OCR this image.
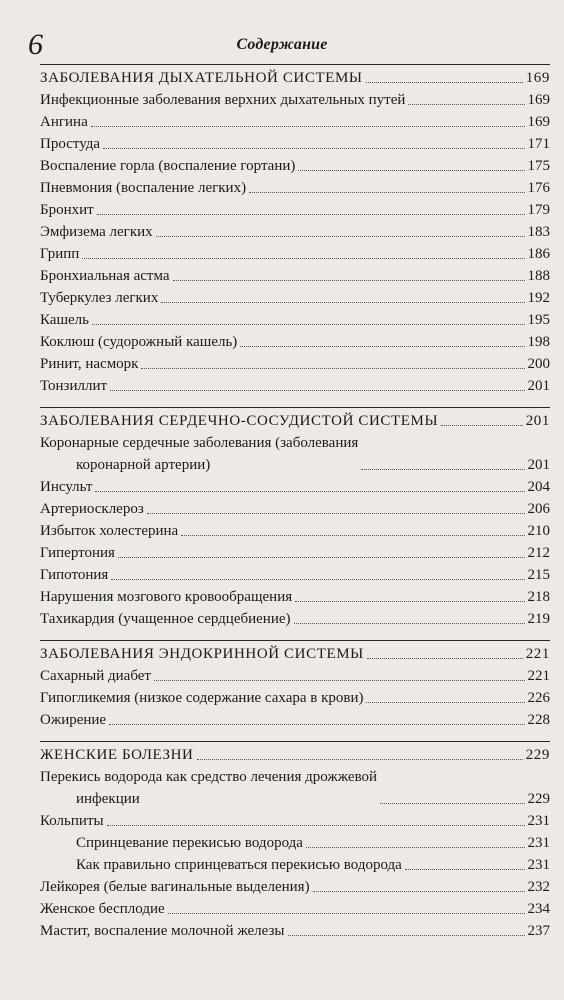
6	Содержание
ЗАБОЛЕВАНИЯ ДЫХАТЕЛЬНОЙ СИСТЕМЫ	169
Инфекционные заболевания верхних дыхательных путей	169
Ангина	169
Простуда	171
Воспаление горла (воспаление гортани)	175
Пневмония (воспаление легких)	176
Бронхит	179
Эмфизема легких	183
Грипп	186
Бронхиальная астма	188
Туберкулез легких	192
Кашель	195
Коклюш (судорожный кашель)	198
Ринит, насморк	200
Тонзиллит	201
ЗАБОЛЕВАНИЯ СЕРДЕЧНО-СОСУДИСТОЙ СИСТЕМЫ	201
Коронарные сердечные заболевания (заболевания
коронарной артерии)	201
Инсульт	204
Артериосклероз	206
Избыток холестерина	210
Гипертония	212
Гипотония	215
Нарушения мозгового кровообращения	218
Тахикардия (учащенное сердцебиение)	219
ЗАБОЛЕВАНИЯ ЭНДОКРИННОЙ СИСТЕМЫ	221
Сахарный диабет	221
Гипогликемия (низкое содержание сахара в крови)	226
Ожирение	228
ЖЕНСКИЕ БОЛЕЗНИ	229
Перекись водорода как средство лечения дрожжевой
инфекции	229
Кольпиты	231
Спринцевание перекисью водорода	231
Как правильно спринцеваться перекисью водорода	231
Лейкорея (белые вагинальные выделения)	232
Женское бесплодие	234
Мастит, воспаление молочной железы	237
